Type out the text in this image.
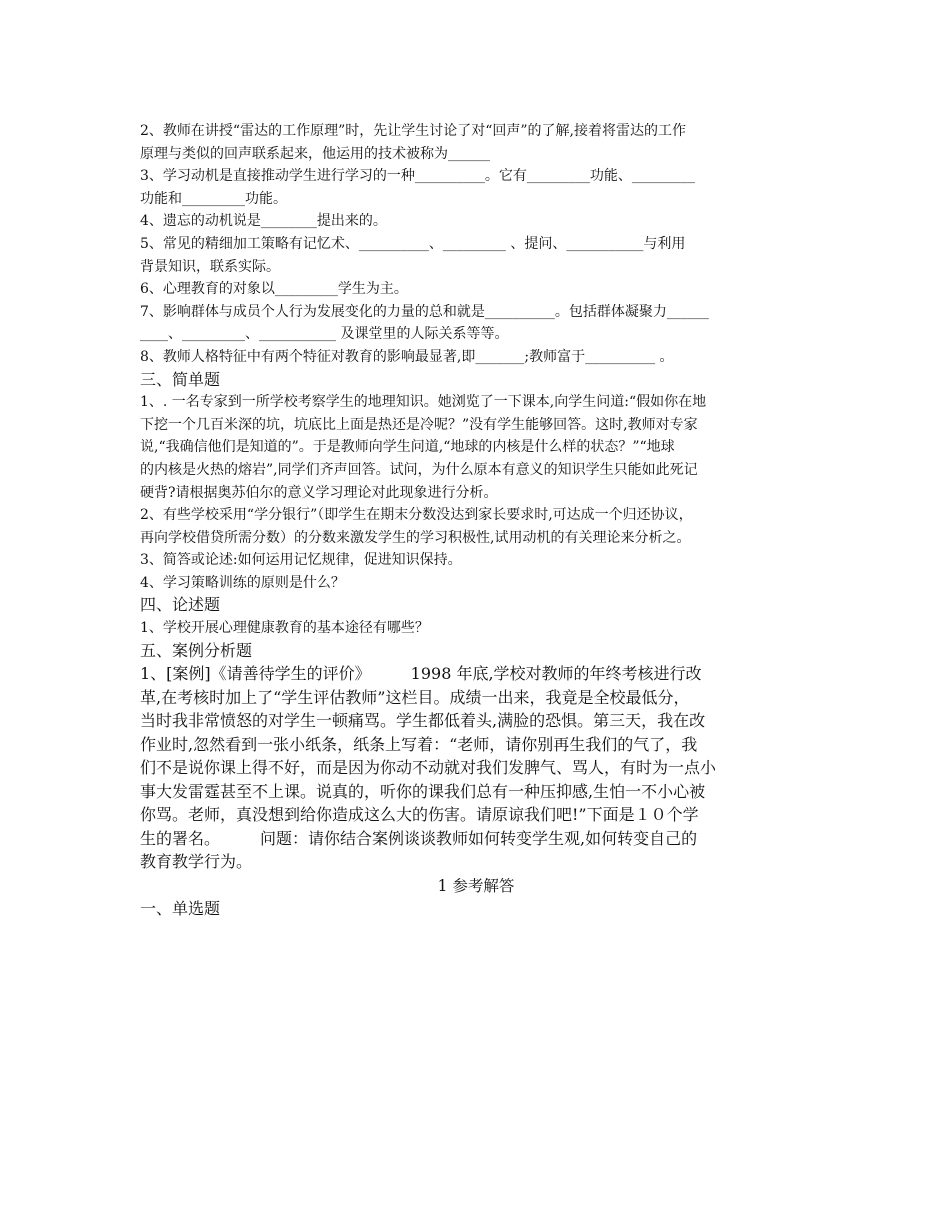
2、教师在讲授“雷达的工作原理”时，先让学生讨论了对“回声”的了解,接着将雷达的工作
原理与类似的回声联系起来，他运用的技术被称为______
3、学习动机是直接推动学生进行学习的一种__________。它有_________功能、_________
功能和_________功能。
4、遗忘的动机说是________提出来的。
5、常见的精细加工策略有记忆术、__________、_________ 、提问、___________与利用
背景知识，联系实际。
6、心理教育的对象以_________学生为主。
7、影响群体与成员个人行为发展变化的力量的总和就是__________。包括群体凝聚力______
____、_________、___________ 及课堂里的人际关系等等。
8、教师人格特征中有两个特征对教育的影响最显著,即_______;教师富于__________ 。
三、简单题
1、. 一名专家到一所学校考察学生的地理知识。她浏览了一下课本,向学生问道:“假如你在地
下挖一个几百米深的坑，坑底比上面是热还是冷呢？”没有学生能够回答。这时,教师对专家
说,“我确信他们是知道的”。于是教师向学生问道,“地球的内核是什么样的状态？”“地球
的内核是火热的熔岩”,同学们齐声回答。试问，为什么原本有意义的知识学生只能如此死记
硬背?请根据奥苏伯尔的意义学习理论对此现象进行分析。
2、有些学校采用“学分银行”（即学生在期末分数没达到家长要求时,可达成一个归还协议，
再向学校借贷所需分数）的分数来激发学生的学习积极性,试用动机的有关理论来分析之。
3、简答或论述:如何运用记忆规律，促进知识保持。
4、学习策略训练的原则是什么？
四、论述题
1、学校开展心理健康教育的基本途径有哪些？
五、案例分析题
1、[案例]《请善待学生的评价》　　　1998 年底,学校对教师的年终考核进行改
革,在考核时加上了“学生评估教师”这栏目。成绩一出来，我竟是全校最低分，
当时我非常愤怒的对学生一顿痛骂。学生都低着头,满脸的恐惧。第三天，我在改
作业时,忽然看到一张小纸条，纸条上写着：“老师，请你别再生我们的气了，我
们不是说你课上得不好，而是因为你动不动就对我们发脾气、骂人，有时为一点小
事大发雷霆甚至不上课。说真的，听你的课我们总有一种压抑感,生怕一不小心被
你骂。老师，真没想到给你造成这么大的伤害。请原谅我们吧!”下面是１０个学
生的署名。　　　问题：请你结合案例谈谈教师如何转变学生观,如何转变自己的
教育教学行为。
1 参考解答
一、单选题
